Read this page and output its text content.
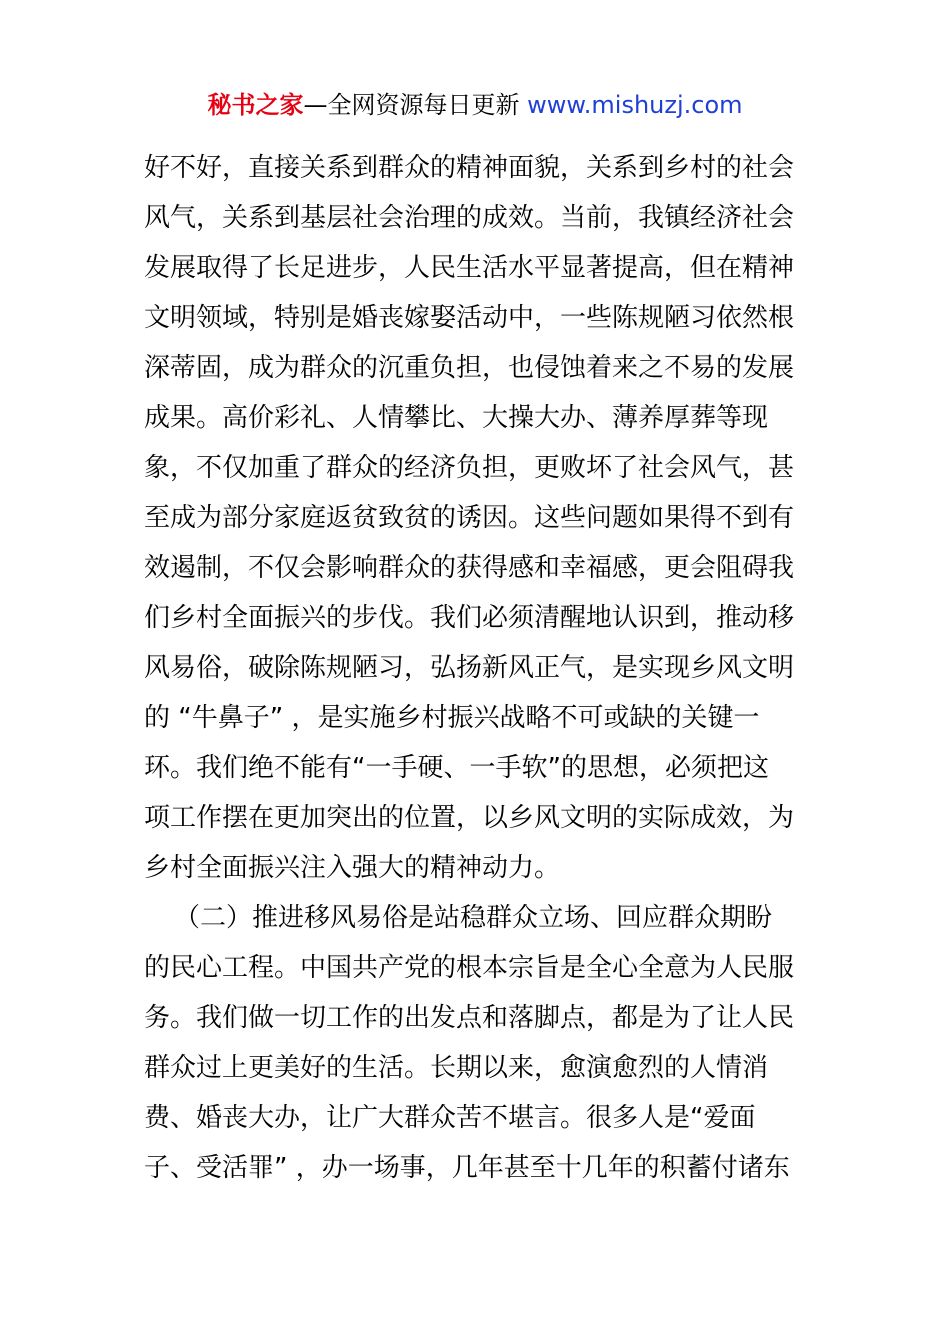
秘书之家—全网资源每日更新 www.mishuzj.com
好不好，直接关系到群众的精神面貌，关系到乡村的社会
风气，关系到基层社会治理的成效。当前，我镇经济社会
发展取得了长足进步，人民生活水平显著提高，但在精神
文明领域，特别是婚丧嫁娶活动中，一些陈规陋习依然根
深蒂固，成为群众的沉重负担，也侵蚀着来之不易的发展
成果。高价彩礼、人情攀比、大操大办、薄养厚葬等现
象，不仅加重了群众的经济负担，更败坏了社会风气，甚
至成为部分家庭返贫致贫的诱因。这些问题如果得不到有
效遏制，不仅会影响群众的获得感和幸福感，更会阻碍我
们乡村全面振兴的步伐。我们必须清醒地认识到，推动移
风易俗，破除陈规陋习，弘扬新风正气，是实现乡风文明
的 “牛鼻子” ，是实施乡村振兴战略不可或缺的关键一
环。我们绝不能有“一手硬、一手软”的思想，必须把这
项工作摆在更加突出的位置，以乡风文明的实际成效，为
乡村全面振兴注入强大的精神动力。
（二）推进移风易俗是站稳群众立场、回应群众期盼
的民心工程。中国共产党的根本宗旨是全心全意为人民服
务。我们做一切工作的出发点和落脚点，都是为了让人民
群众过上更美好的生活。长期以来，愈演愈烈的人情消
费、婚丧大办，让广大群众苦不堪言。很多人是“爱面
子、受活罪” ，办一场事，几年甚至十几年的积蓄付诸东
